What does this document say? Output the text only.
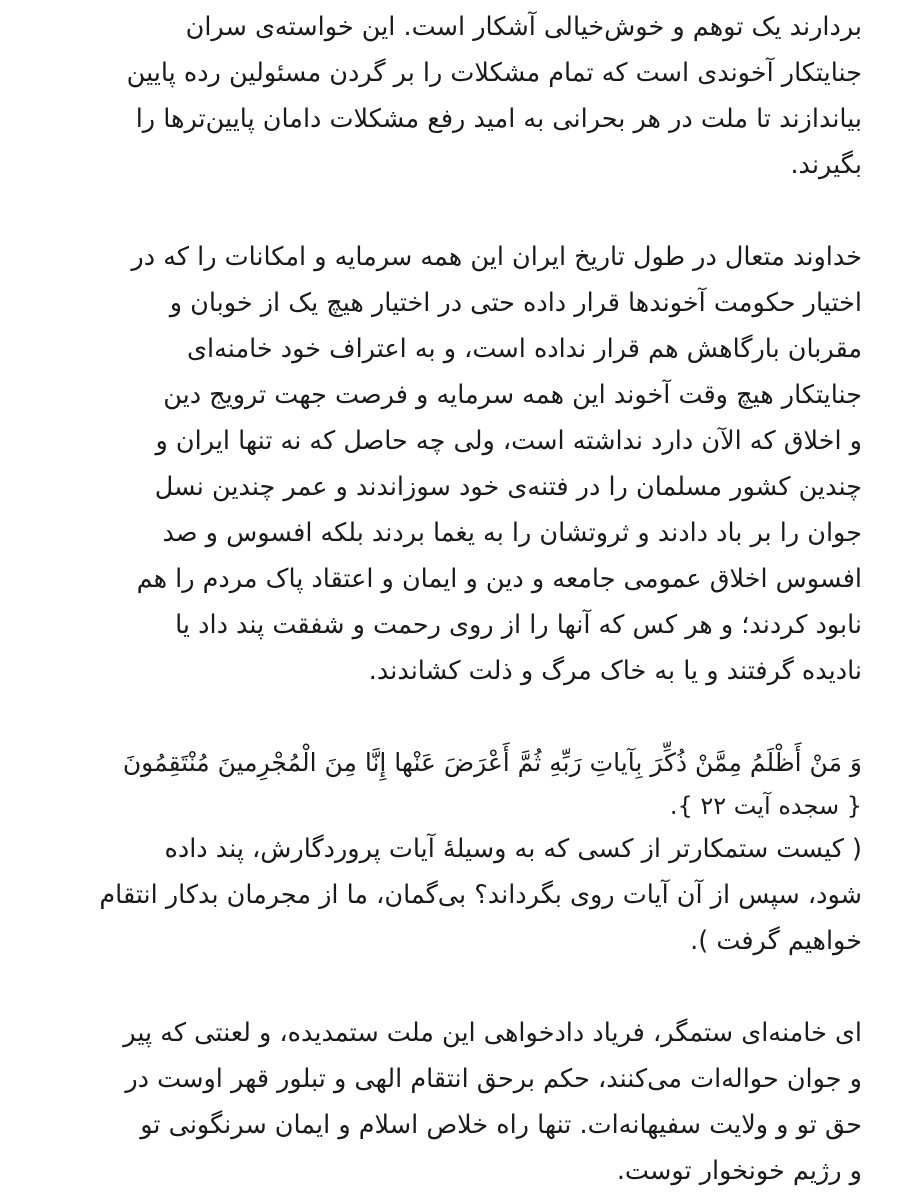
بردارند یک توهم و خوش‌خیالی آشکار است. این خواسته‌ی سران
جنایتکار آخوندی است که تمام مشکلات را بر گردن مسئولین رده پایین
بیاندازند تا ملت در هر بحرانی به امید رفع مشکلات دامان پایین‌ترها را
بگیرند.
خداوند متعال در طول تاریخ ایران این همه سرمایه و امکانات را که در
اختیار حکومت آخوندها قرار داده حتی در اختیار هیچ یک از خوبان و
مقربان بارگاهش هم قرار نداده است، و به اعتراف خود خامنه‌ای
جنایتکار هیچ وقت آخوند این همه سرمایه و فرصت جهت ترویج دین
و اخلاق که الآن دارد نداشته است، ولی چه حاصل که نه تنها ایران و
چندین کشور مسلمان را در فتنه‌ی خود سوزاندند و عمر چندین نسل
جوان را بر باد دادند و ثروتشان را به یغما بردند بلکه افسوس و صد
افسوس اخلاق عمومی جامعه و دین و ایمان و اعتقاد پاک مردم را هم
نابود کردند؛ و هر کس که آنها را از روی رحمت و شفقت پند داد یا
نادیده گرفتند و یا به خاک مرگ و ذلت کشاندند.
وَ مَنْ أَظْلَمُ مِمَّنْ ذُكِّرَ بِآياتِ رَبِّهِ ثُمَّ أَعْرَضَ عَنْها إِنَّا مِنَ الْمُجْرِمينَ مُنْتَقِمُونَ
{ سجده آیت ۲۲ }.
( کیست ستمکارتر از کسی که به وسیلهٔ آیات پروردگارش، پند داده
شود، سپس از آن آیات روی بگرداند؟ بی‌گمان، ما از مجرمان بدکار انتقام
خواهیم گرفت ).
ای خامنه‌ای ستمگر، فریاد دادخواهی این ملت ستمدیده، و لعنتی که پیر
و جوان حواله‌ات می‌کنند، حکم برحق انتقام الهی و تبلور قهر اوست در
حق تو و ولایت سفیهانه‌ات. تنها راه خلاص اسلام و ایمان سرنگونی تو
و رژیم خونخوار توست.
